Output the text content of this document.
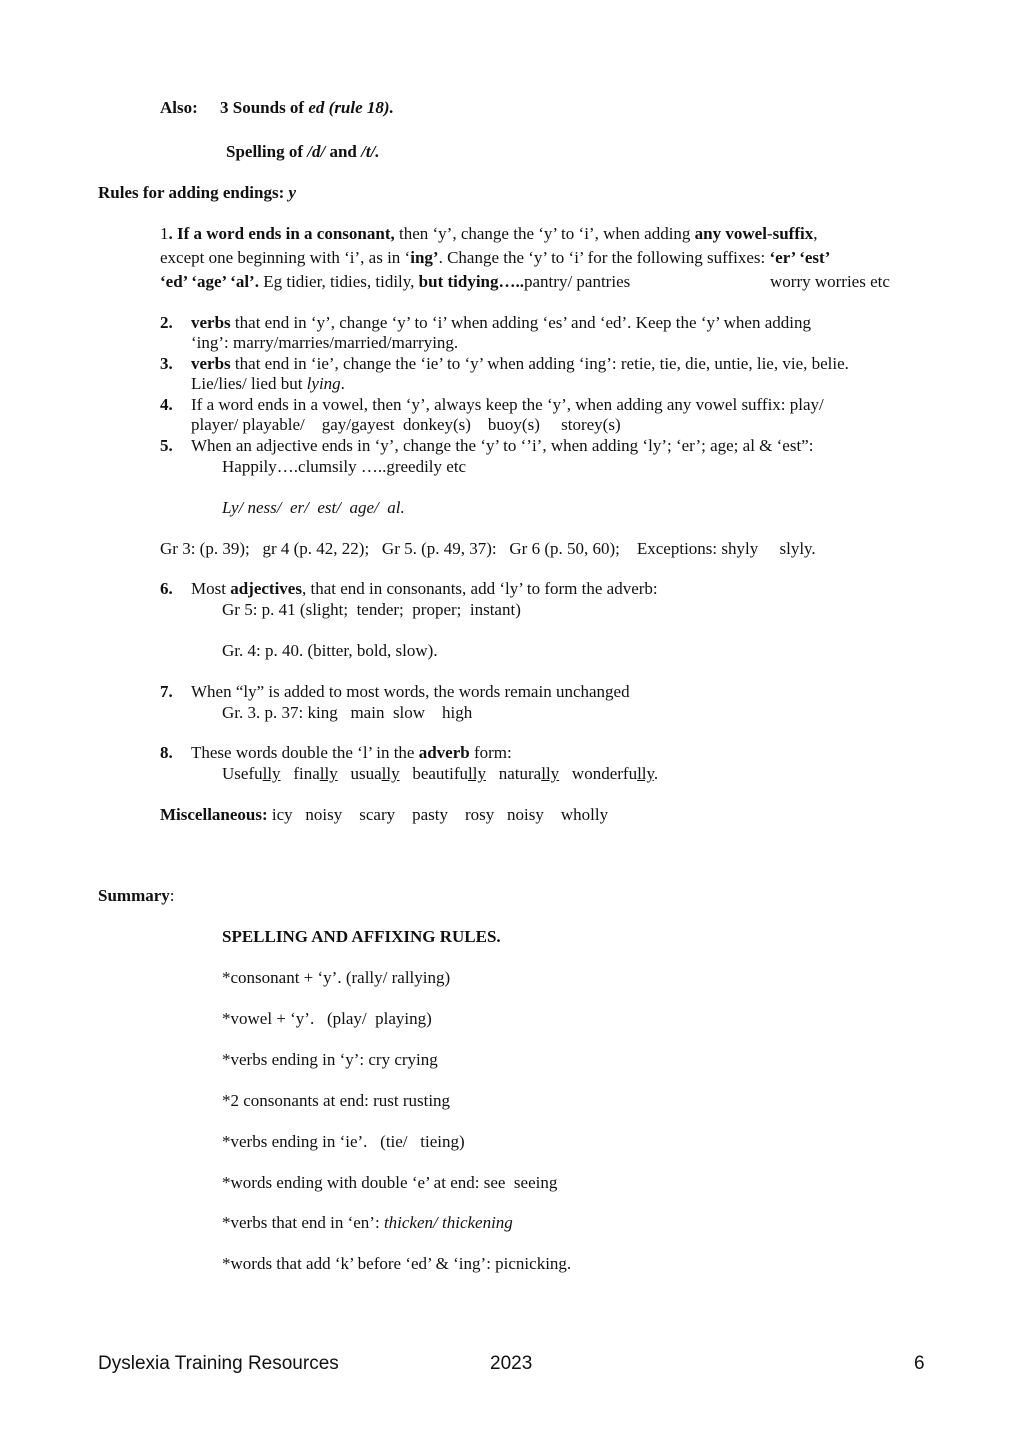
Also: 3 Sounds of ed (rule 18).
Spelling of /d/ and /t/.
Rules for adding endings: y
1. If a word ends in a consonant, then ‘y’, change the ‘y’ to ‘i’, when adding any vowel-suffix,
except one beginning with ‘i’, as in ‘ing’. Change the ‘y’ to ‘i’ for the following suffixes: ‘er’ ‘est’
‘ed’ ‘age’ ‘al’. Eg tidier, tidies, tidily, but tidying…..pantry/ pantries	worry worries etc
2. verbs that end in ‘y’, change ‘y’ to ‘i’ when adding ‘es’ and ‘ed’. Keep the ‘y’ when adding
‘ing’: marry/marries/married/marrying.
3. verbs that end in ‘ie’, change the ‘ie’ to ‘y’ when adding ‘ing’: retie, tie, die, untie, lie, vie, belie.
Lie/lies/ lied but lying.
4. If a word ends in a vowel, then ‘y’, always keep the ‘y’, when adding any vowel suffix: play/
player/ playable/    gay/gayest  donkey(s)    buoy(s)     storey(s)
5. When an adjective ends in ‘y’, change the ‘y’ to ‘’i’, when adding ‘ly’; ‘er’; age; al & ‘est”:
Happily….clumsily …..greedily etc
Ly/ ness/  er/  est/  age/  al.
Gr 3: (p. 39);   gr 4 (p. 42, 22);   Gr 5. (p. 49, 37):   Gr 6 (p. 50, 60);    Exceptions: shyly     slyly.
6. Most adjectives, that end in consonants, add ‘ly’ to form the adverb:
Gr 5: p. 41 (slight;  tender;  proper;  instant)
Gr. 4: p. 40. (bitter, bold, slow).
7. When “ly” is added to most words, the words remain unchanged
Gr. 3. p. 37: king   main  slow    high
8. These words double the ‘l’ in the adverb form:
Usefully finally usually beautifully naturally wonderfully.
Miscellaneous: icy   noisy    scary    pasty    rosy   noisy    wholly
Summary:
SPELLING AND AFFIXING RULES.
*consonant + ‘y’. (rally/ rallying)
*vowel + ‘y’.   (play/  playing)
*verbs ending in ‘y’: cry crying
*2 consonants at end: rust rusting
*verbs ending in ‘ie’.   (tie/   tieing)
*words ending with double ‘e’ at end: see  seeing
*verbs that end in ‘en’: thicken/ thickening
*words that add ‘k’ before ‘ed’ & ‘ing’: picnicking.
Dyslexia Training Resources	2023	6
